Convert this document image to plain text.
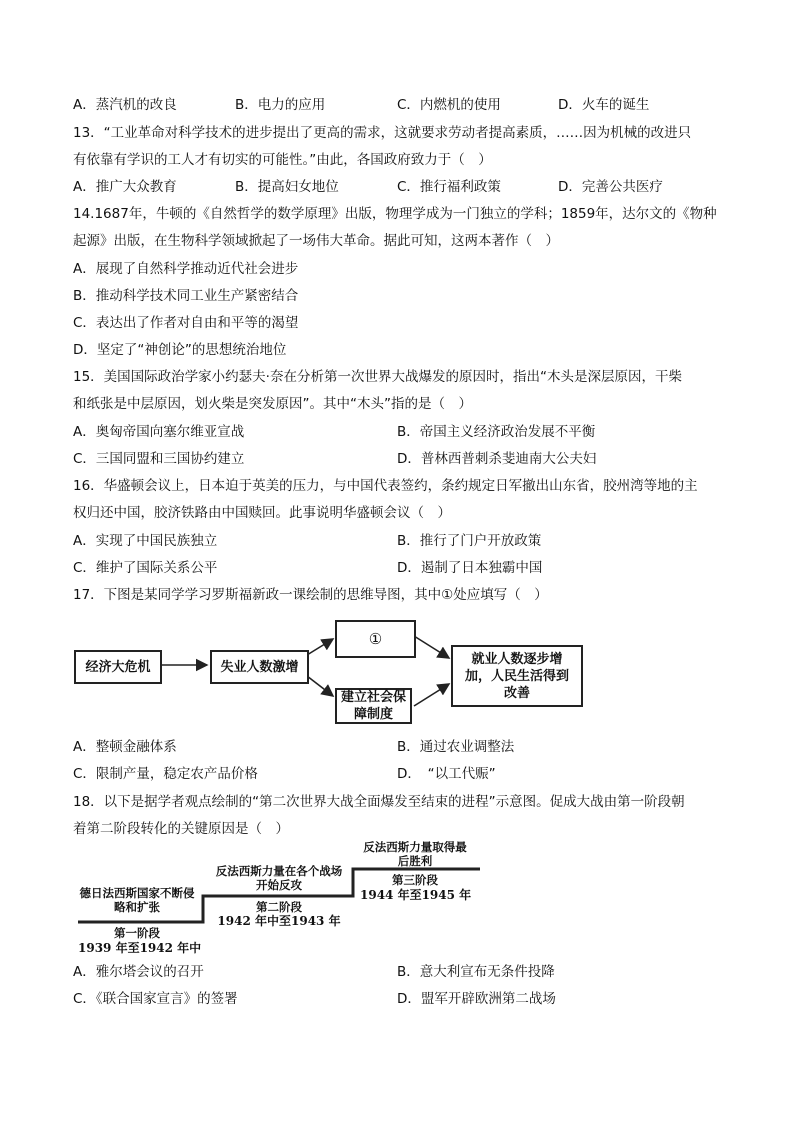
A．蒸汽机的改良	B．电力的应用	C．内燃机的使用	D．火车的诞生
13．“工业革命对科学技术的进步提出了更高的需求，这就要求劳动者提高素质，……因为机械的改进只
有依靠有学识的工人才有切实的可能性。”由此，各国政府致力于（　）
A．推广大众教育	B．提高妇女地位	C．推行福利政策	D．完善公共医疗
14.1687年，牛顿的《自然哲学的数学原理》出版，物理学成为一门独立的学科；1859年，达尔文的《物种
起源》出版，在生物科学领域掀起了一场伟大革命。据此可知，这两本著作（　）
A．展现了自然科学推动近代社会进步
B．推动科学技术同工业生产紧密结合
C．表达出了作者对自由和平等的渴望
D．坚定了“神创论”的思想统治地位
15．美国国际政治学家小约瑟夫·奈在分析第一次世界大战爆发的原因时，指出“木头是深层原因，干柴
和纸张是中层原因，划火柴是突发原因”。其中“木头”指的是（　）
A．奥匈帝国向塞尔维亚宣战	B．帝国主义经济政治发展不平衡
C．三国同盟和三国协约建立	D．普林西普刺杀斐迪南大公夫妇
16．华盛顿会议上，日本迫于英美的压力，与中国代表签约，条约规定日军撤出山东省，胶州湾等地的主
权归还中国，胶济铁路由中国赎回。此事说明华盛顿会议（　）
A．实现了中国民族独立	B．推行了门户开放政策
C．维护了国际关系公平	D．遏制了日本独霸中国
17．下图是某同学学习罗斯福新政一课绘制的思维导图，其中①处应填写（　）
经济大危机	失业人数激增
①
建立社会保障制度
就业人数逐步增加，人民生活得到改善
A．整顿金融体系	B．通过农业调整法
C．限制产量，稳定农产品价格	D．　“以工代赈”
18．以下是据学者观点绘制的“第二次世界大战全面爆发至结束的进程”示意图。促成大战由第一阶段朝
着第二阶段转化的关键原因是（　）
德日法西斯国家不断侵略和扩张
第一阶段
1939 年至1942 年中
反法西斯力量在各个战场开始反攻
第二阶段
1942 年中至1943 年
反法西斯力量取得最后胜利
第三阶段
1944 年至1945 年
A．雅尔塔会议的召开	B．意大利宣布无条件投降
C．《联合国家宣言》的签署	D．盟军开辟欧洲第二战场
